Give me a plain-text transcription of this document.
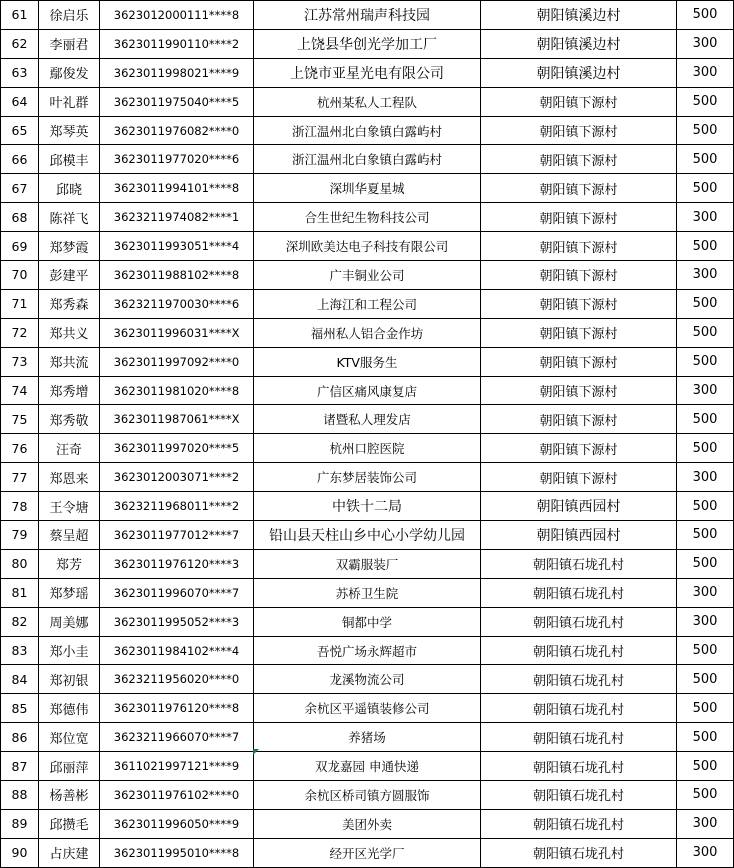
61	徐启乐	3623012000111****8	江苏常州瑞声科技园	朝阳镇溪边村	500
62	李丽君	3623011990110****2	上饶县华创光学加工厂	朝阳镇溪边村	300
63	鄢俊发	3623011998021****9	上饶市亚星光电有限公司	朝阳镇溪边村	300
64	叶礼群	3623011975040****5	杭州某私人工程队	朝阳镇下源村	500
65	郑琴英	3623011976082****0	浙江温州北白象镇白露屿村	朝阳镇下源村	500
66	邱模丰	3623011977020****6	浙江温州北白象镇白露屿村	朝阳镇下源村	500
67	邱晓	3623011994101****8	深圳华夏星城	朝阳镇下源村	500
68	陈祥飞	3623211974082****1	合生世纪生物科技公司	朝阳镇下源村	300
69	郑梦霞	3623011993051****4	深圳欧美达电子科技有限公司	朝阳镇下源村	500
70	彭建平	3623011988102****8	广丰铜业公司	朝阳镇下源村	300
71	郑秀森	3623211970030****6	上海江和工程公司	朝阳镇下源村	500
72	郑共义	3623011996031****X	福州私人铝合金作坊	朝阳镇下源村	500
73	郑共流	3623011997092****0	KTV服务生	朝阳镇下源村	500
74	郑秀增	3623011981020****8	广信区痛风康复店	朝阳镇下源村	300
75	郑秀敬	3623011987061****X	诸暨私人理发店	朝阳镇下源村	500
76	汪奇	3623011997020****5	杭州口腔医院	朝阳镇下源村	500
77	郑恩来	3623012003071****2	广东梦居装饰公司	朝阳镇下源村	300
78	王令塘	3623211968011****2	中铁十二局	朝阳镇西园村	500
79	蔡呈超	3623011977012****7	铅山县天柱山乡中心小学幼儿园	朝阳镇西园村	500
80	郑芳	3623011976120****3	双霸服装厂	朝阳镇石垅孔村	500
81	郑梦瑶	3623011996070****7	苏桥卫生院	朝阳镇石垅孔村	300
82	周美娜	3623011995052****3	铜都中学	朝阳镇石垅孔村	300
83	郑小圭	3623011984102****4	吾悦广场永辉超市	朝阳镇石垅孔村	500
84	郑初银	3623211956020****0	龙溪物流公司	朝阳镇石垅孔村	500
85	郑德伟	3623011976120****8	余杭区平遥镇装修公司	朝阳镇石垅孔村	500
86	郑位宽	3623211966070****7	养猪场	朝阳镇石垅孔村	500
87	邱丽萍	3611021997121****9	双龙嘉园 申通快递	朝阳镇石垅孔村	500
88	杨善彬	3623011976102****0	余杭区桥司镇方圆服饰	朝阳镇石垅孔村	500
89	邱攒毛	3623011996050****9	美团外卖	朝阳镇石垅孔村	300
90	占庆建	3623011995010****8	经开区光学厂	朝阳镇石垅孔村	300
